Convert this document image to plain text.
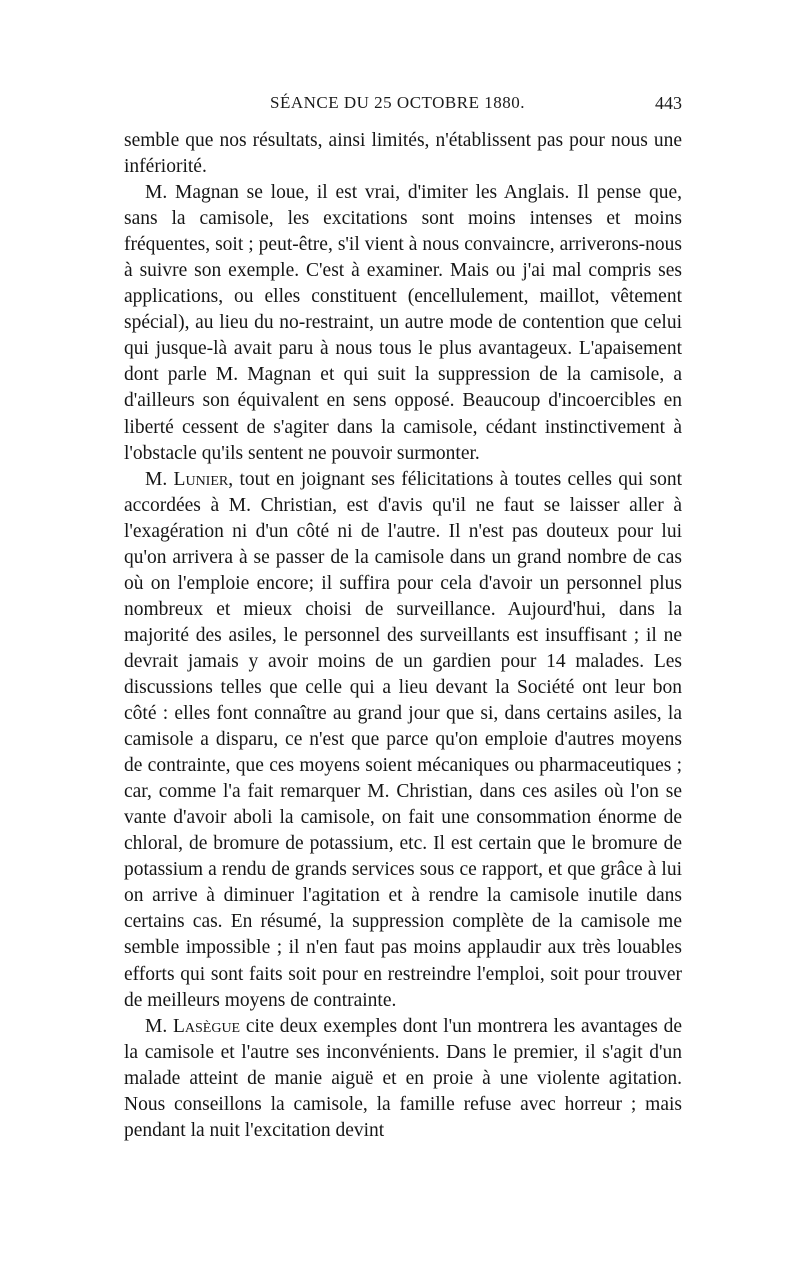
SÉANCE DU 25 OCTOBRE 1880.	443

semble que nos résultats, ainsi limités, n'établissent pas pour nous une infériorité.

M. Magnan se loue, il est vrai, d'imiter les Anglais. Il pense que, sans la camisole, les excitations sont moins intenses et moins fréquentes, soit ; peut-être, s'il vient à nous convaincre, arriverons-nous à suivre son exemple. C'est à examiner. Mais ou j'ai mal compris ses applications, ou elles constituent (encellulement, maillot, vêtement spécial), au lieu du no-restraint, un autre mode de contention que celui qui jusque-là avait paru à nous tous le plus avantageux. L'apaisement dont parle M. Magnan et qui suit la suppression de la camisole, a d'ailleurs son équivalent en sens opposé. Beaucoup d'incoercibles en liberté cessent de s'agiter dans la camisole, cédant instinctivement à l'obstacle qu'ils sentent ne pouvoir surmonter.

M. Lunier, tout en joignant ses félicitations à toutes celles qui sont accordées à M. Christian, est d'avis qu'il ne faut se laisser aller à l'exagération ni d'un côté ni de l'autre. Il n'est pas douteux pour lui qu'on arrivera à se passer de la camisole dans un grand nombre de cas où on l'emploie encore; il suffira pour cela d'avoir un personnel plus nombreux et mieux choisi de surveillance. Aujourd'hui, dans la majorité des asiles, le personnel des surveillants est insuffisant ; il ne devrait jamais y avoir moins de un gardien pour 14 malades. Les discussions telles que celle qui a lieu devant la Société ont leur bon côté : elles font connaître au grand jour que si, dans certains asiles, la camisole a disparu, ce n'est que parce qu'on emploie d'autres moyens de contrainte, que ces moyens soient mécaniques ou pharmaceutiques ; car, comme l'a fait remarquer M. Christian, dans ces asiles où l'on se vante d'avoir aboli la camisole, on fait une consommation énorme de chloral, de bromure de potassium, etc. Il est certain que le bromure de potassium a rendu de grands services sous ce rapport, et que grâce à lui on arrive à diminuer l'agitation et à rendre la camisole inutile dans certains cas. En résumé, la suppression complète de la camisole me semble impossible ; il n'en faut pas moins applaudir aux très louables efforts qui sont faits soit pour en restreindre l'emploi, soit pour trouver de meilleurs moyens de contrainte.

M. Lasègue cite deux exemples dont l'un montrera les avantages de la camisole et l'autre ses inconvénients. Dans le premier, il s'agit d'un malade atteint de manie aiguë et en proie à une violente agitation. Nous conseillons la camisole, la famille refuse avec horreur ; mais pendant la nuit l'excitation devint
